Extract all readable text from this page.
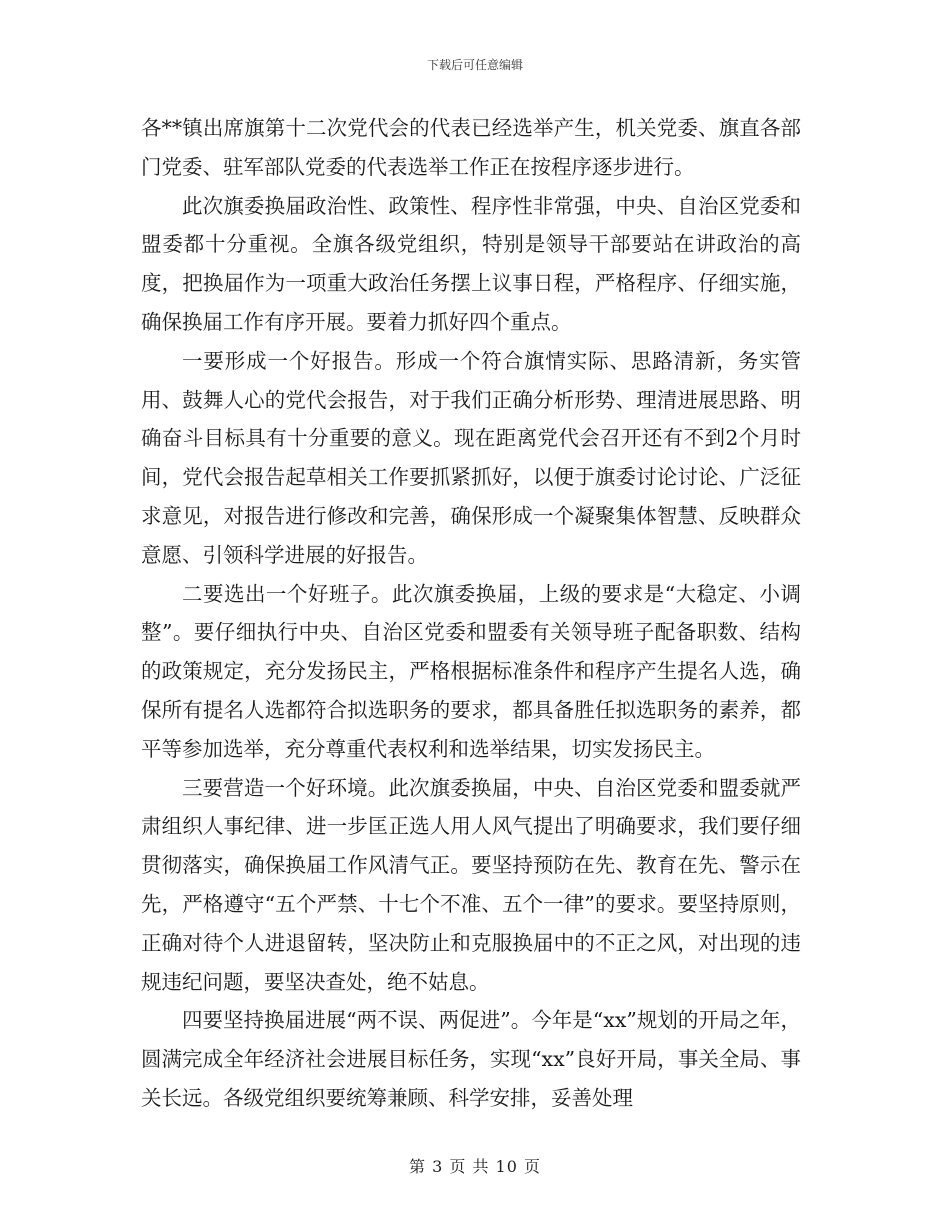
下载后可任意编辑

各**镇出席旗第十二次党代会的代表已经选举产生，机关党委、旗直各部门党委、驻军部队党委的代表选举工作正在按程序逐步进行。

此次旗委换届政治性、政策性、程序性非常强，中央、自治区党委和盟委都十分重视。全旗各级党组织，特别是领导干部要站在讲政治的高度，把换届作为一项重大政治任务摆上议事日程，严格程序、仔细实施，确保换届工作有序开展。要着力抓好四个重点。

一要形成一个好报告。形成一个符合旗情实际、思路清新，务实管用、鼓舞人心的党代会报告，对于我们正确分析形势、理清进展思路、明确奋斗目标具有十分重要的意义。现在距离党代会召开还有不到2个月时间，党代会报告起草相关工作要抓紧抓好，以便于旗委讨论讨论、广泛征求意见，对报告进行修改和完善，确保形成一个凝聚集体智慧、反映群众意愿、引领科学进展的好报告。

二要选出一个好班子。此次旗委换届，上级的要求是“大稳定、小调整”。要仔细执行中央、自治区党委和盟委有关领导班子配备职数、结构的政策规定，充分发扬民主，严格根据标准条件和程序产生提名人选，确保所有提名人选都符合拟选职务的要求，都具备胜任拟选职务的素养，都平等参加选举，充分尊重代表权利和选举结果，切实发扬民主。

三要营造一个好环境。此次旗委换届，中央、自治区党委和盟委就严肃组织人事纪律、进一步匡正选人用人风气提出了明确要求，我们要仔细贯彻落实，确保换届工作风清气正。要坚持预防在先、教育在先、警示在先，严格遵守“五个严禁、十七个不准、五个一律”的要求。要坚持原则，正确对待个人进退留转，坚决防止和克服换届中的不正之风，对出现的违规违纪问题，要坚决查处，绝不姑息。

四要坚持换届进展“两不误、两促进”。今年是“xx”规划的开局之年，圆满完成全年经济社会进展目标任务，实现“xx”良好开局，事关全局、事关长远。各级党组织要统筹兼顾、科学安排，妥善处理

第 3 页 共 10 页
